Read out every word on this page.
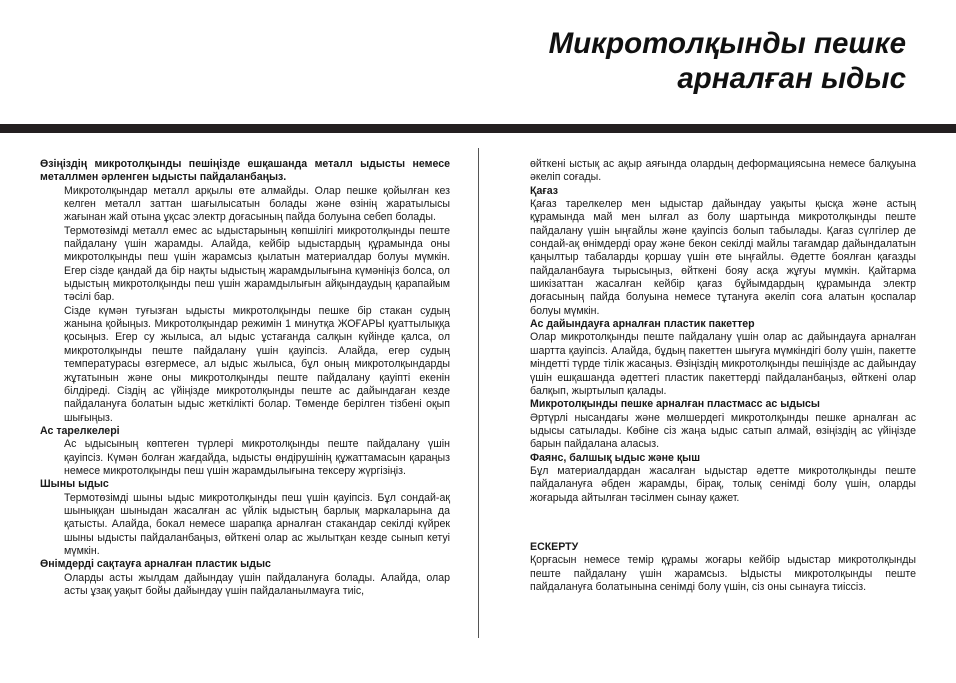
Микротолқынды пешке
арналған ыдыс
Өзіңіздің микротолқынды пешіңізде ешқашанда металл ыдысты немесе металлмен әрленген ыдысты пайдаланбаңыз.
Микротолқындар металл арқылы өте алмайды. Олар пешке қойылған кез келген металл заттан шағылысатын болады және өзінің жаратылысы жағынан жай отына ұқсас электр доғасының пайда болуына себеп болады.
Термотөзімді металл емес ас ыдыстарының көпшілігі микротолқынды пеште пайдалану үшін жарамды. Алайда, кейбір ыдыстардың құрамында оны микротолқынды пеш үшін жарамсыз қылатын материалдар болуы мүмкін. Егер сізде қандай да бір нақты ыдыстың жарамдылығына күмәніңіз болса, ол ыдыстың микротолқынды пеш үшін жарамдылығын айқындаудың қарапайым тәсілі бар.
Сізде күмән туғызған ыдысты микротолқынды пешке бір стакан судың жанына қойыңыз. Микротолқындар режимін 1 минутқа ЖОҒАРЫ қуаттылыққа қосыңыз. Егер су жылыса, ал ыдыс ұстағанда салқын күйінде қалса, ол микротолқынды пеште пайдалану үшін қауіпсіз. Алайда, егер судың температурасы өзгермесе, ал ыдыс жылыса, бұл оның микротолқындарды жұтатынын және оны микротолқынды пеште пайдалану қауіпті екенін білдіреді. Сіздің ас үйіңізде микротолқынды пеште ас дайындаған кезде пайдалануға болатын ыдыс жеткілікті болар. Төменде берілген тізбені оқып шығыңыз.
Ас тарелкелері
Ас ыдысының көптеген түрлері микротолқынды пеште пайдалану үшін қауіпсіз. Күмән болған жағдайда, ыдысты өндірушінің құжаттамасын қараңыз немесе микротолқынды пеш үшін жарамдылығына тексеру жүргізіңіз.
Шыны ыдыс
Термотөзімді шыны ыдыс микротолқынды пеш үшін қауіпсіз. Бұл сондай-ақ шыныққан шыныдан жасалған ас үйлік ыдыстың барлық маркаларына да қатысты. Алайда, бокал немесе шарапқа арналған стакандар секілді күйрек шыны ыдысты пайдаланбаңыз, өйткені олар ас жылытқан кезде сынып кетуі мүмкін.
Өнімдерді сақтауға арналған пластик ыдыс
Оларды асты жылдам дайындау үшін пайдалануға болады. Алайда, олар асты ұзақ уақыт бойы дайындау үшін пайдаланылмауға тиіс,
өйткені ыстық ас ақыр аяғында олардың деформациясына немесе балқуына әкеліп соғады.
Қағаз
Қағаз тарелкелер мен ыдыстар дайындау уақыты қысқа және астың құрамында май мен ылғал аз болу шартында микротолқынды пеште пайдалану үшін ыңғайлы және қауіпсіз болып табылады. Қағаз сүлгілер де сондай-ақ өнімдерді орау және бекон секілді майлы тағамдар дайындалатын қаңылтыр табаларды қоршау үшін өте ыңғайлы. Әдетте боялған қағазды пайдаланбауға тырысыңыз, өйткені бояу асқа жұғуы мүмкін. Қайтарма шикізаттан жасалған кейбір қағаз бұйымдардың құрамында электр доғасының пайда болуына немесе тұтануға әкеліп соға алатын қоспалар болуы мүмкін.
Ас дайындауға арналған пластик пакеттер
Олар микротолқынды пеште пайдалану үшін олар ас дайындауға арналған шартта қауіпсіз. Алайда, бұдың пакеттен шығуға мүмкіндігі болу үшін, пакетте міндетті түрде тілік жасаңыз. Өзіңіздің микротолқынды пешіңізде ас дайындау үшін ешқашанда әдеттегі пластик пакеттерді пайдаланбаңыз, өйткені олар балқып, жыртылып қалады.
Микротолқынды пешке арналған пластмасс ас ыдысы
Әртүрлі нысандағы және мөлшердегі микротолқынды пешке арналған ас ыдысы сатылады. Көбіне сіз жаңа ыдыс сатып алмай, өзіңіздің ас үйіңізде барын пайдалана аласыз.
Фаянс, балшық ыдыс және қыш
Бұл материалдардан жасалған ыдыстар әдетте микротолқынды пеште пайдалануға әбден жарамды, бірақ, толық сенімді болу үшін, оларды жоғарыда айтылған тәсілмен сынау қажет.
ЕСКЕРТУ
Қорғасын немесе темір құрамы жоғары кейбір ыдыстар микротолқынды пеште пайдалану үшін жарамсыз. Ыдысты микротолқынды пеште пайдалануға болатынына сенімді болу үшін, сіз оны сынауға тиіссіз.
